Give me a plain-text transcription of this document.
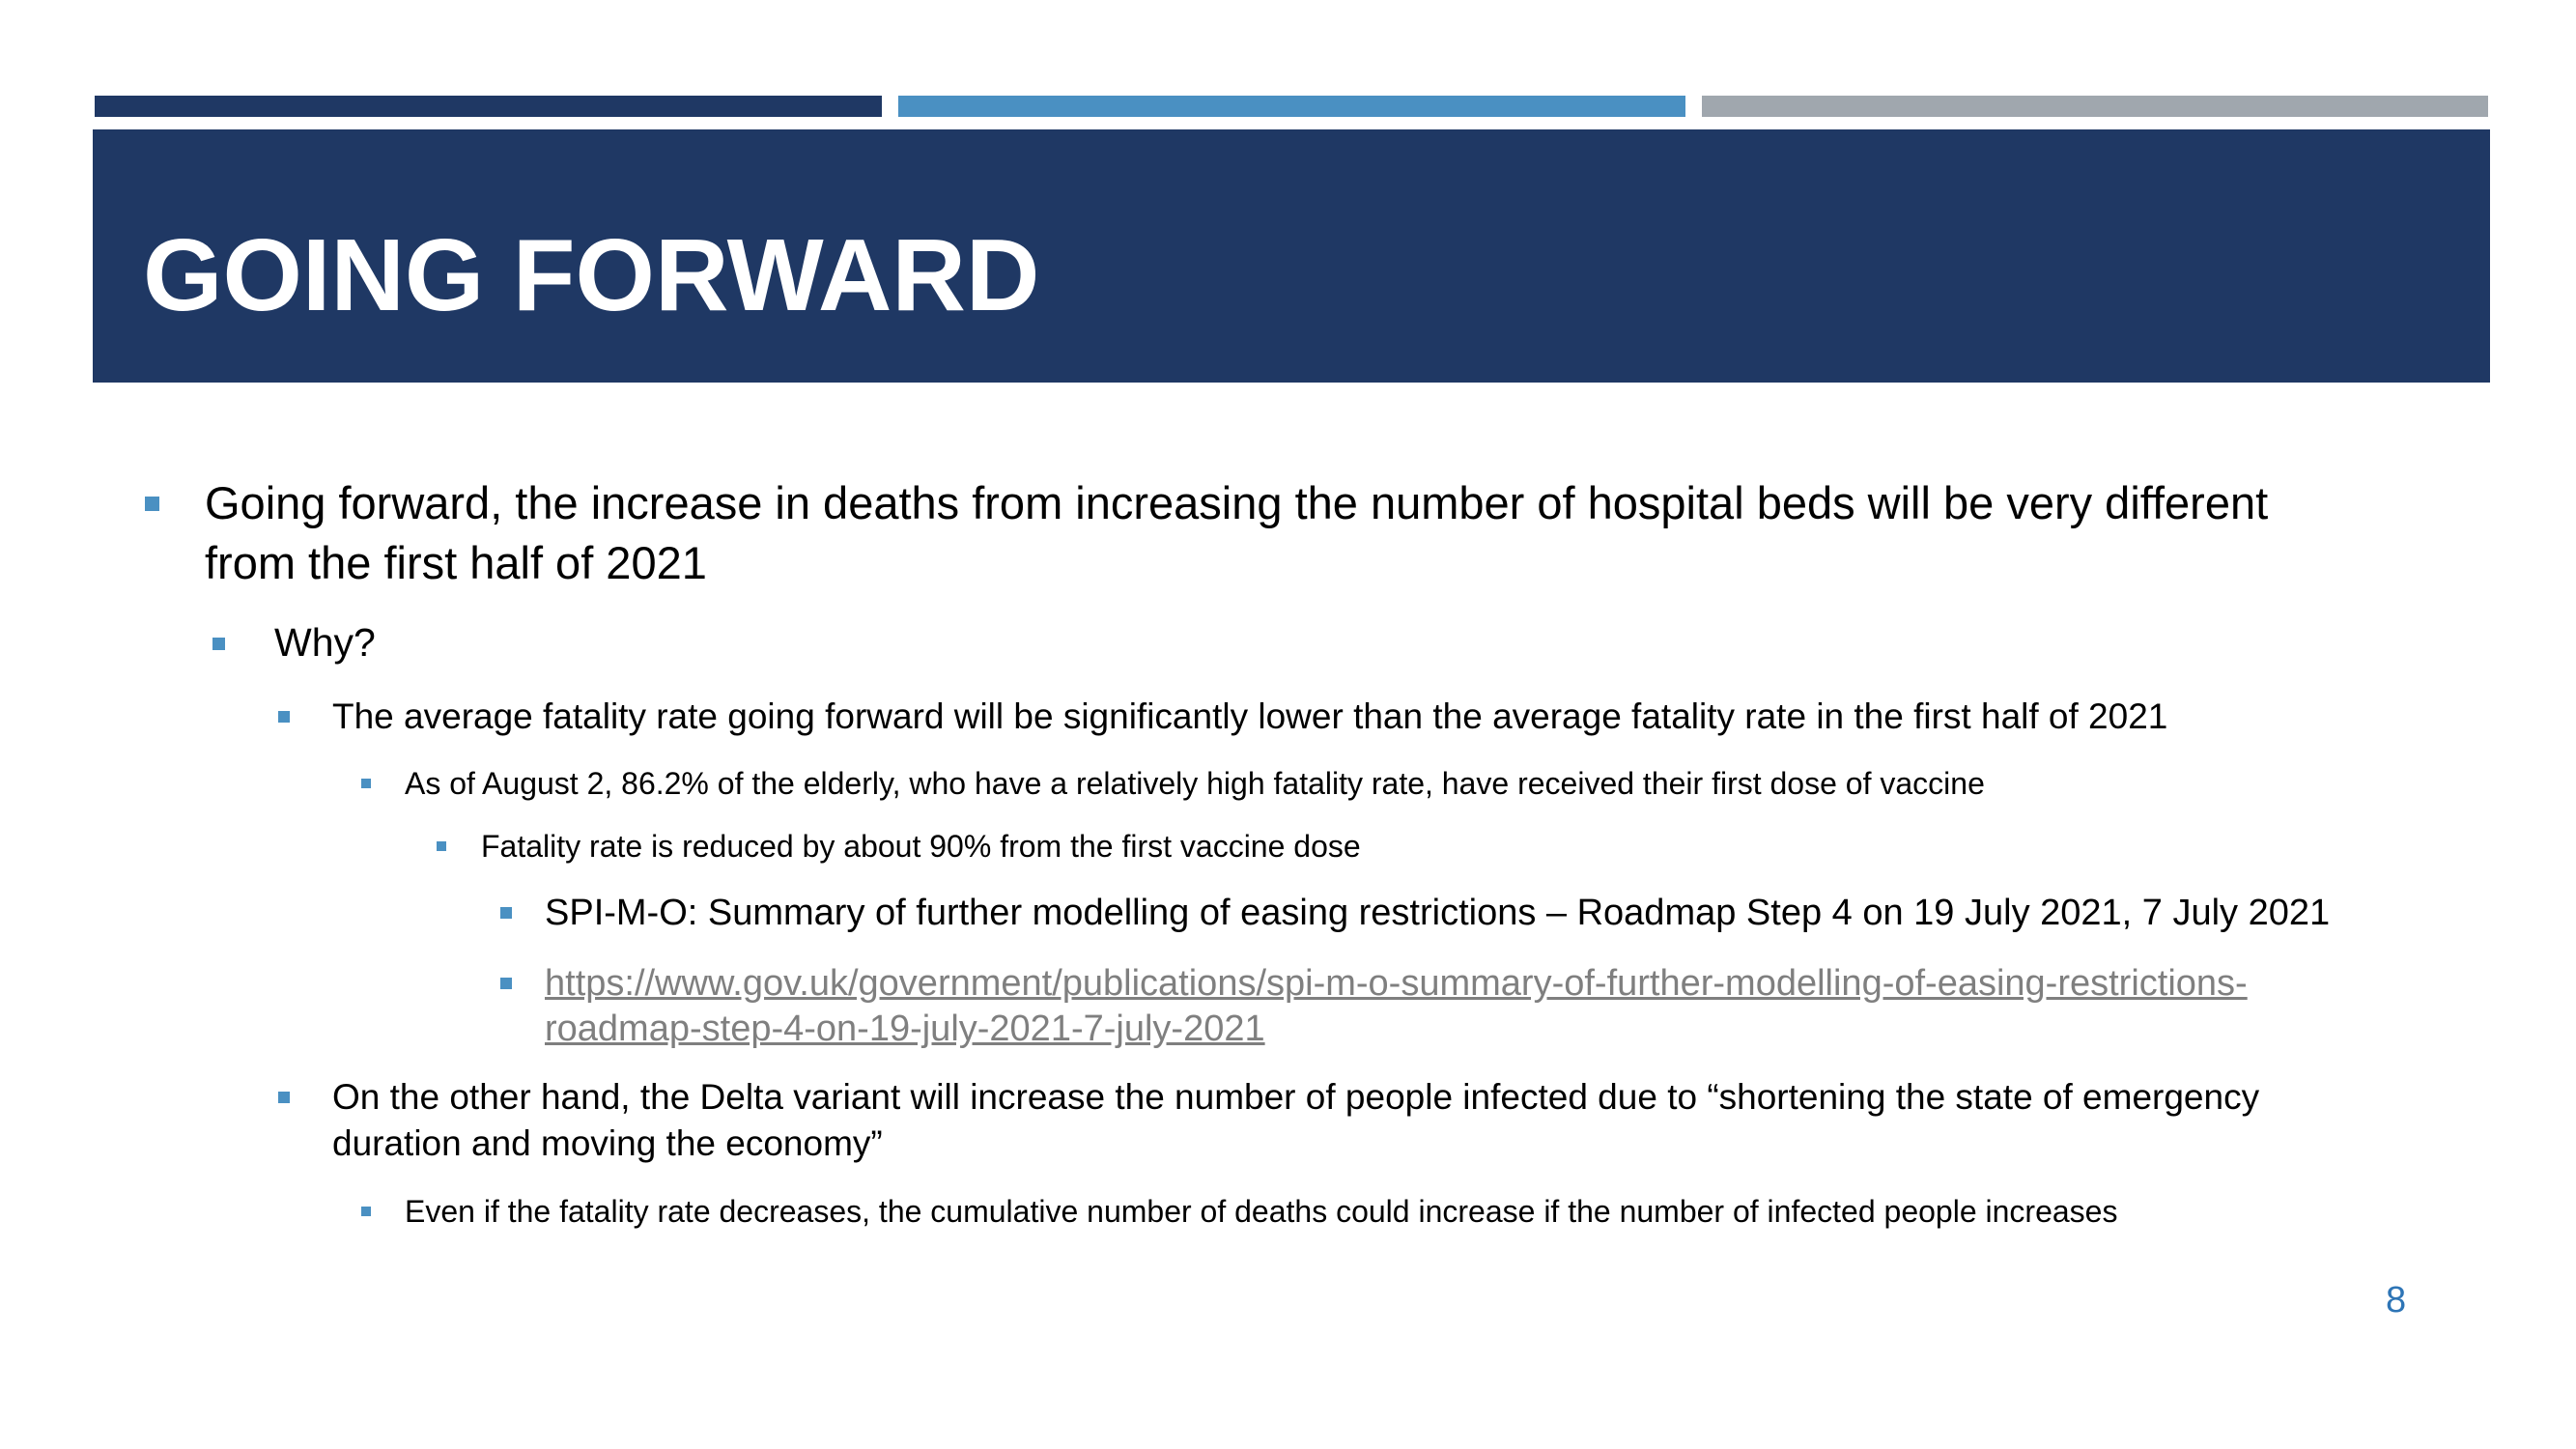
GOING FORWARD
Going forward, the increase in deaths from increasing the number of hospital beds will be very different
from the first half of 2021
Why?
The average fatality rate going forward will be significantly lower than the average fatality rate in the first half of 2021
As of August 2, 86.2% of the elderly, who have a relatively high fatality rate, have received their first dose of vaccine
Fatality rate is reduced by about 90% from the first vaccine dose
SPI-M-O: Summary of further modelling of easing restrictions – Roadmap Step 4 on 19 July 2021, 7 July 2021
https://www.gov.uk/government/publications/spi-m-o-summary-of-further-modelling-of-easing-restrictions-
roadmap-step-4-on-19-july-2021-7-july-2021
On the other hand, the Delta variant will increase the number of people infected due to “shortening the state of emergency
duration and moving the economy”
Even if the fatality rate decreases, the cumulative number of deaths could increase if the number of infected people increases
8
